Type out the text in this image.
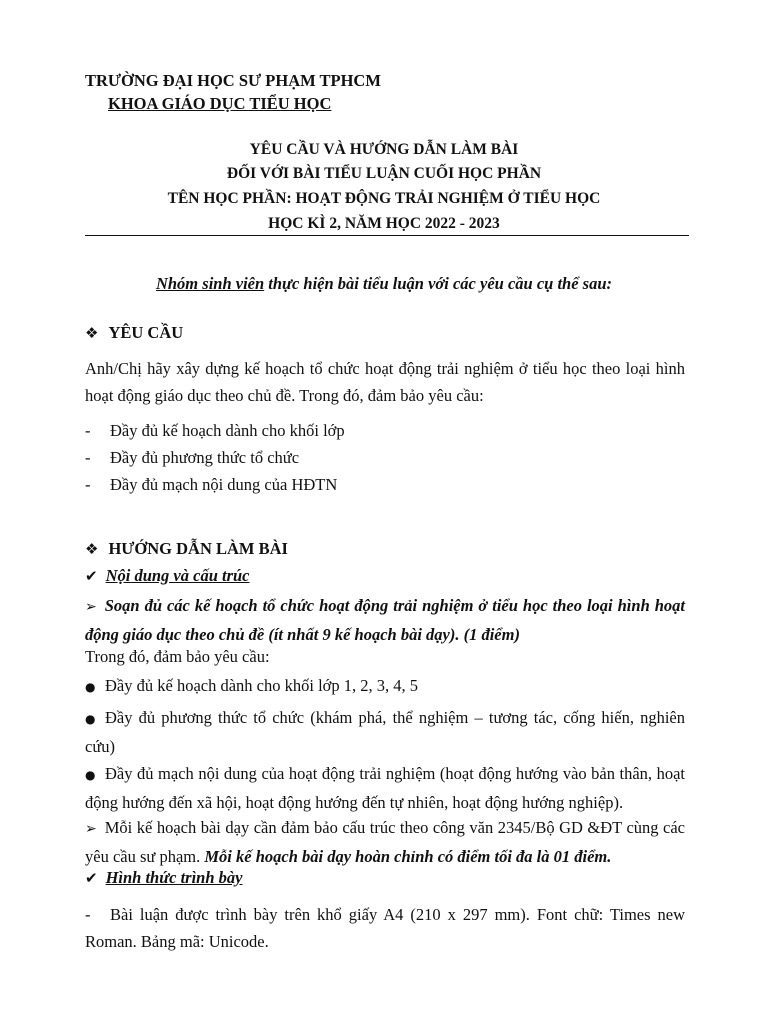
TRƯỜNG ĐẠI HỌC SƯ PHẠM TPHCM
KHOA GIÁO DỤC TIỂU HỌC
YÊU CẦU VÀ HƯỚNG DẪN LÀM BÀI
ĐỐI VỚI BÀI TIỂU LUẬN CUỐI HỌC PHẦN
TÊN HỌC PHẦN: HOẠT ĐỘNG TRẢI NGHIỆM Ở TIỂU HỌC
HỌC KÌ 2, NĂM HỌC 2022 - 2023
Nhóm sinh viên thực hiện bài tiểu luận với các yêu cầu cụ thể sau:
❖ YÊU CẦU
Anh/Chị hãy xây dựng kế hoạch tổ chức hoạt động trải nghiệm ở tiểu học theo loại hình hoạt động giáo dục theo chủ đề. Trong đó, đảm bảo yêu cầu:
- Đầy đủ kế hoạch dành cho khối lớp
- Đầy đủ phương thức tổ chức
- Đầy đủ mạch nội dung của HĐTN
❖ HƯỚNG DẪN LÀM BÀI
✔ Nội dung và cấu trúc
➢ Soạn đủ các kế hoạch tổ chức hoạt động trải nghiệm ở tiểu học theo loại hình hoạt động giáo dục theo chủ đề (ít nhất 9 kế hoạch bài dạy). (1 điểm)
Trong đó, đảm bảo yêu cầu:
● Đầy đủ kế hoạch dành cho khối lớp 1, 2, 3, 4, 5
● Đầy đủ phương thức tổ chức (khám phá, thể nghiệm – tương tác, cống hiến, nghiên cứu)
● Đầy đủ mạch nội dung của hoạt động trải nghiệm (hoạt động hướng vào bản thân, hoạt động hướng đến xã hội, hoạt động hướng đến tự nhiên, hoạt động hướng nghiệp).
➢ Mỗi kế hoạch bài dạy cần đảm bảo cấu trúc theo công văn 2345/Bộ GD &ĐT cùng các yêu cầu sư phạm. Mỗi kế hoạch bài dạy hoàn chỉnh có điểm tối đa là 01 điểm.
✔ Hình thức trình bày
- Bài luận được trình bày trên khổ giấy A4 (210 x 297 mm). Font chữ: Times new Roman. Bảng mã: Unicode.
